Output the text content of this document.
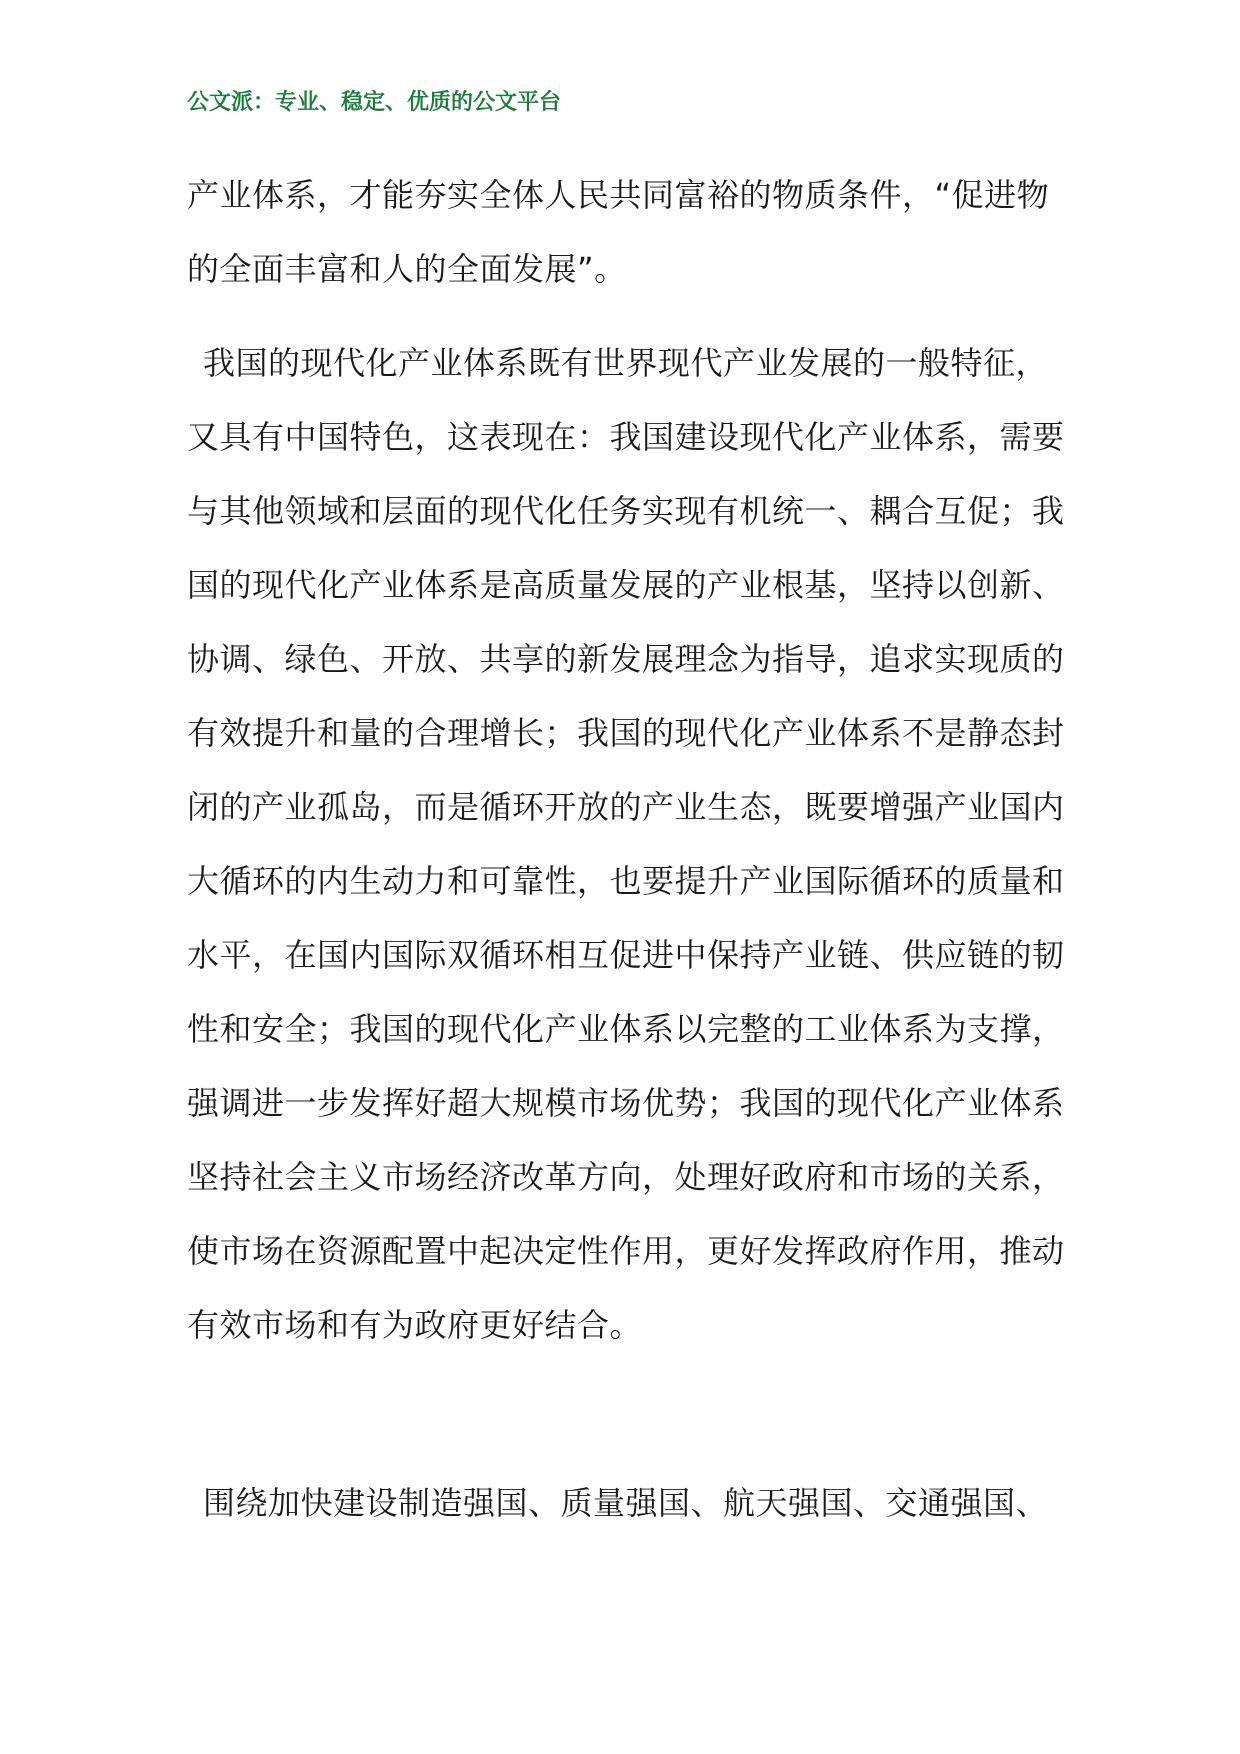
公文派：专业、稳定、优质的公文平台

产业体系，才能夯实全体人民共同富裕的物质条件，“促进物的全面丰富和人的全面发展”。

我国的现代化产业体系既有世界现代产业发展的一般特征，又具有中国特色，这表现在：我国建设现代化产业体系，需要与其他领域和层面的现代化任务实现有机统一、耦合互促；我国的现代化产业体系是高质量发展的产业根基，坚持以创新、协调、绿色、开放、共享的新发展理念为指导，追求实现质的有效提升和量的合理增长；我国的现代化产业体系不是静态封闭的产业孤岛，而是循环开放的产业生态，既要增强产业国内大循环的内生动力和可靠性，也要提升产业国际循环的质量和水平，在国内国际双循环相互促进中保持产业链、供应链的韧性和安全；我国的现代化产业体系以完整的工业体系为支撑，强调进一步发挥好超大规模市场优势；我国的现代化产业体系坚持社会主义市场经济改革方向，处理好政府和市场的关系，使市场在资源配置中起决定性作用，更好发挥政府作用，推动有效市场和有为政府更好结合。

围绕加快建设制造强国、质量强国、航天强国、交通强国、
